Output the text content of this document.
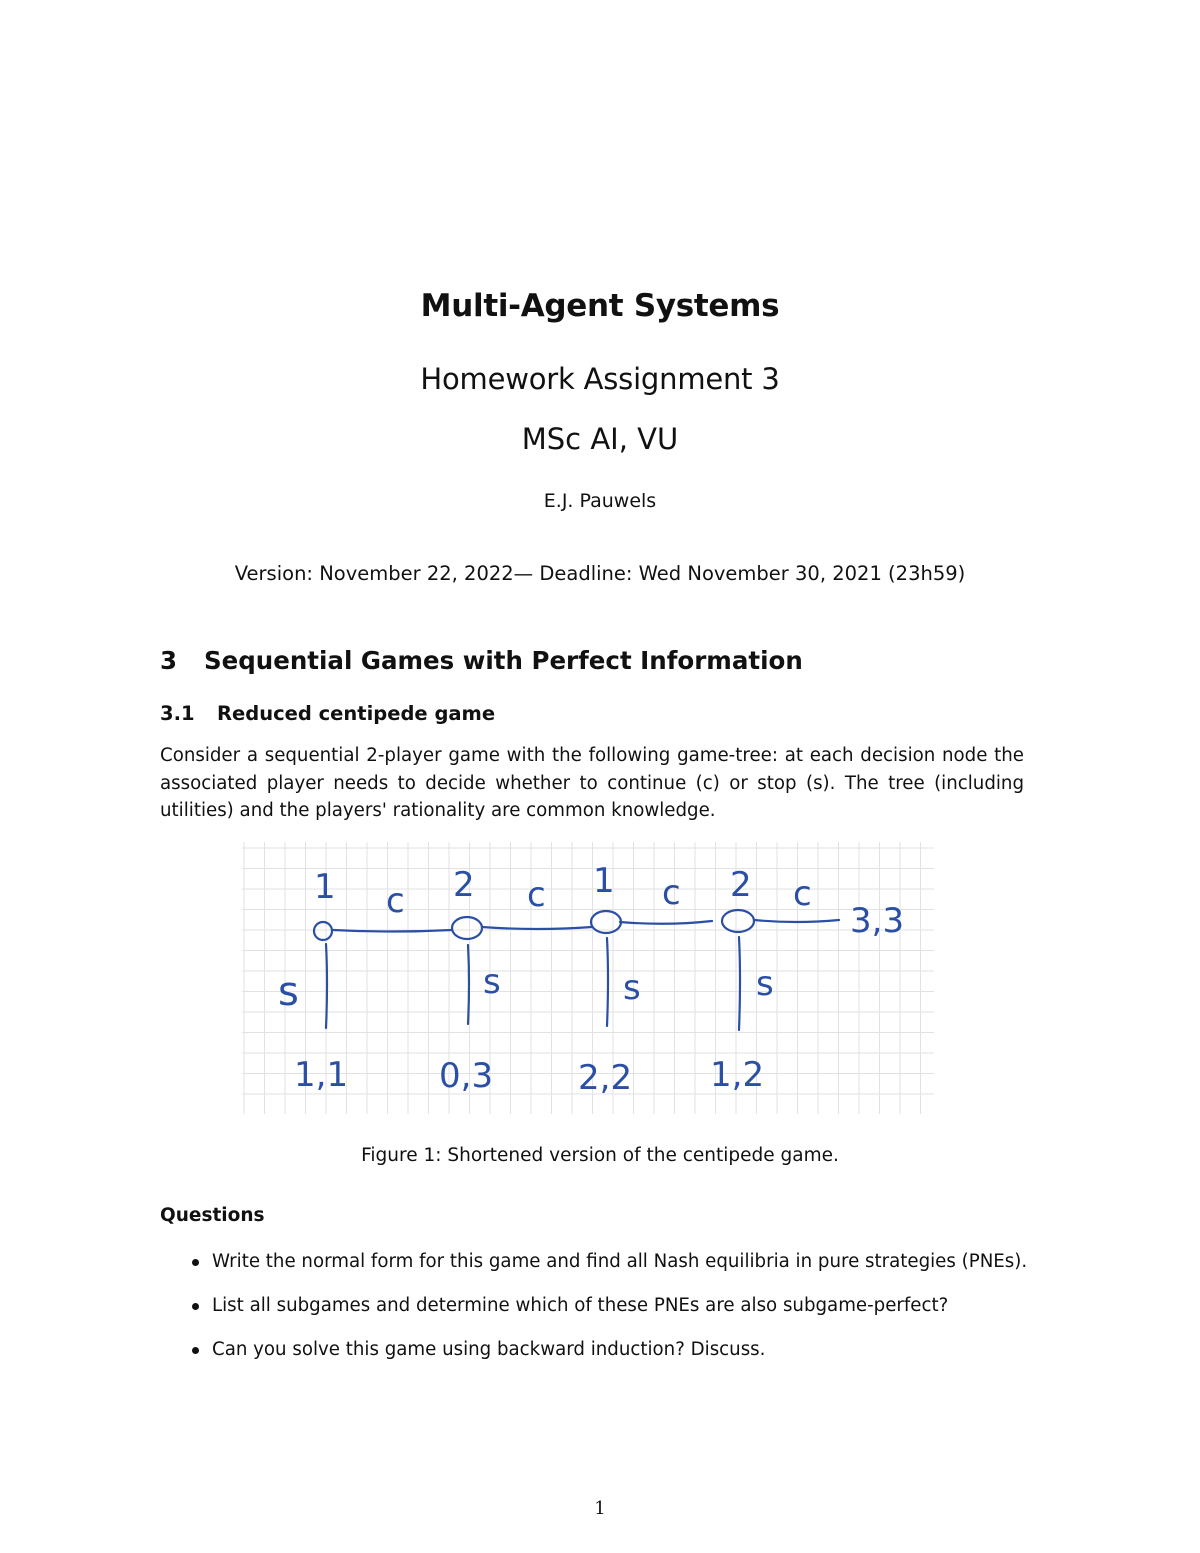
Multi-Agent Systems
Homework Assignment 3
MSc AI, VU
E.J. Pauwels
Version: November 22, 2022— Deadline: Wed November 30, 2021 (23h59)
3 Sequential Games with Perfect Information
3.1 Reduced centipede game
Consider a sequential 2-player game with the following game-tree: at each decision node the associated player needs to decide whether to continue (c) or stop (s). The tree (including utilities) and the players' rationality are common knowledge.
1	2	1	2
c	c	c	c
s	s	s	s
1,1	0,3 2,2 1,2
3,3
Figure 1: Shortened version of the centipede game.
Questions
Write the normal form for this game and find all Nash equilibria in pure strategies (PNEs).
List all subgames and determine which of these PNEs are also subgame-perfect?
Can you solve this game using backward induction? Discuss.
1
